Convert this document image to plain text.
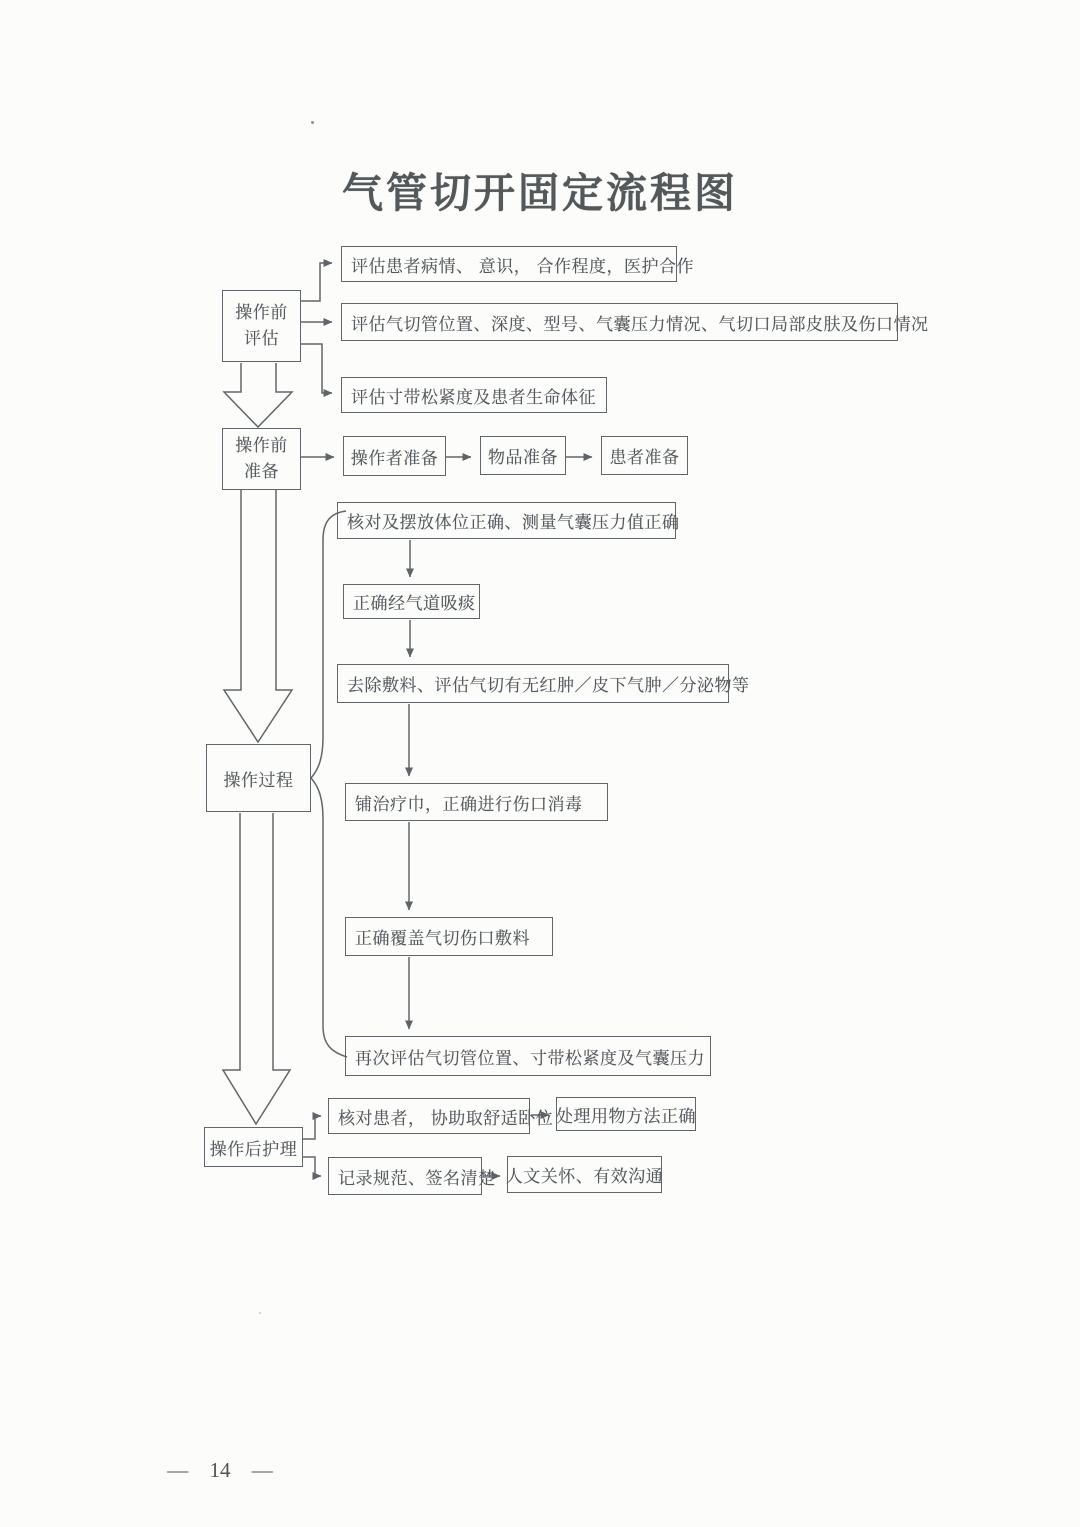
气管切开固定流程图
操作前
评估
操作前
准备
操作过程
操作后护理
评估患者病情、 意识， 合作程度，医护合作
评估气切管位置、深度、型号、气囊压力情况、气切口局部皮肤及伤口情况
评估寸带松紧度及患者生命体征
操作者准备	物品准备	患者准备
核对及摆放体位正确、测量气囊压力值正确
正确经气道吸痰
去除敷料、评估气切有无红肿／皮下气肿／分泌物等
铺治疗巾，正确进行伤口消毒
正确覆盖气切伤口敷料
再次评估气切管位置、寸带松紧度及气囊压力
核对患者， 协助取舒适卧位 处理用物方法正确
记录规范、签名清楚 人文关怀、有效沟通
— 14 —
